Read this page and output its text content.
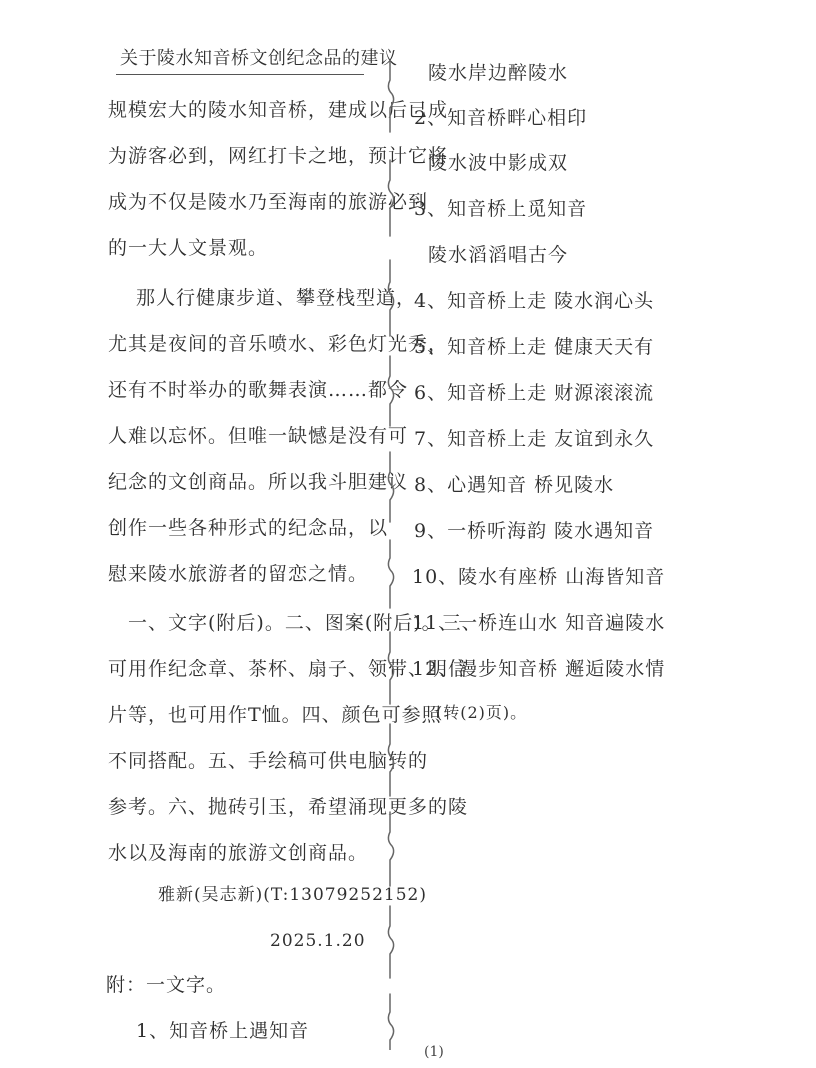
关于陵水知音桥文创纪念品的建议
规模宏大的陵水知音桥，建成以后已成
为游客必到，网红打卡之地，预计它将
成为不仅是陵水乃至海南的旅游必到
的一大人文景观。
那人行健康步道、攀登栈型道，
尤其是夜间的音乐喷水、彩色灯光秀，
还有不时举办的歌舞表演……都令
人难以忘怀。但唯一缺憾是没有可
纪念的文创商品。所以我斗胆建议
创作一些各种形式的纪念品，以
慰来陵水旅游者的留恋之情。
一、文字(附后)。二、图案(附后)。三、
可用作纪念章、茶杯、扇子、领带、明信
片等，也可用作T恤。四、颜色可参照
不同搭配。五、手绘稿可供电脑转的
参考。六、抛砖引玉，希望涌现更多的陵
水以及海南的旅游文创商品。
雅新(吴志新)(T:13079252152)
2025.1.20
附：一文字。
1、知音桥上遇知音
陵水岸边醉陵水
2、知音桥畔心相印
陵水波中影成双
3、知音桥上觅知音
陵水滔滔唱古今
4、知音桥上走 陵水润心头
5、知音桥上走 健康天天有
6、知音桥上走 财源滚滚流
7、知音桥上走 友谊到永久
8、心遇知音 桥见陵水
9、一桥听海韵 陵水遇知音
10、陵水有座桥 山海皆知音
11、一桥连山水 知音遍陵水
12、漫步知音桥 邂逅陵水情
(转(2)页)。
(1)
